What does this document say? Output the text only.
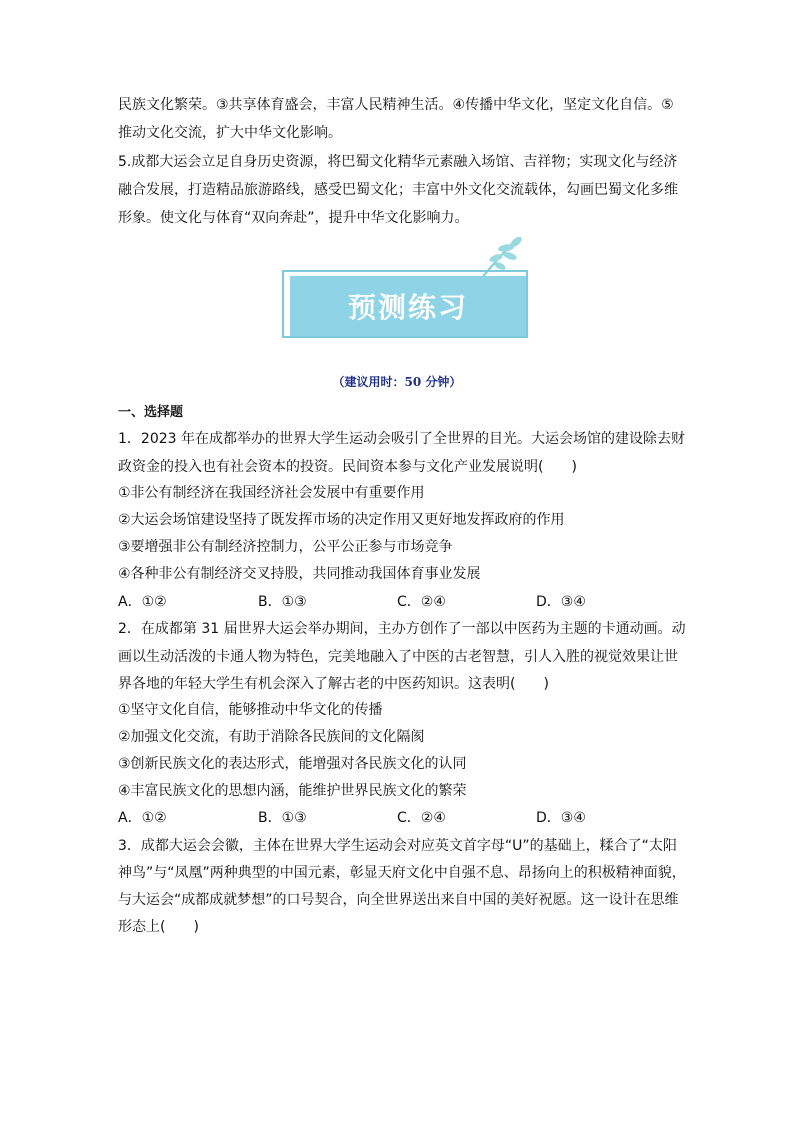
民族文化繁荣。③共享体育盛会，丰富人民精神生活。④传播中华文化，坚定文化自信。⑤
推动文化交流，扩大中华文化影响。
5.成都大运会立足自身历史资源，将巴蜀文化精华元素融入场馆、吉祥物；实现文化与经济
融合发展，打造精品旅游路线，感受巴蜀文化；丰富中外文化交流载体，勾画巴蜀文化多维
形象。使文化与体育“双向奔赴”，提升中华文化影响力。
预测练习
（建议用时：50 分钟）
一、选择题
1．2023 年在成都举办的世界大学生运动会吸引了全世界的目光。大运会场馆的建设除去财
政资金的投入也有社会资本的投资。民间资本参与文化产业发展说明(　　)
①非公有制经济在我国经济社会发展中有重要作用
②大运会场馆建设坚持了既发挥市场的决定作用又更好地发挥政府的作用
③要增强非公有制经济控制力，公平公正参与市场竞争
④各种非公有制经济交叉持股，共同推动我国体育事业发展
A．①②	B．①③	C．②④	D．③④
2．在成都第 31 届世界大运会举办期间，主办方创作了一部以中医药为主题的卡通动画。动
画以生动活泼的卡通人物为特色，完美地融入了中医的古老智慧，引人入胜的视觉效果让世
界各地的年轻大学生有机会深入了解古老的中医药知识。这表明(　　)
①坚守文化自信，能够推动中华文化的传播
②加强文化交流，有助于消除各民族间的文化隔阂
③创新民族文化的表达形式，能增强对各民族文化的认同
④丰富民族文化的思想内涵，能维护世界民族文化的繁荣
A．①②	B．①③	C．②④	D．③④
3．成都大运会会徽，主体在世界大学生运动会对应英文首字母“U”的基础上，糅合了“太阳
神鸟”与“凤凰”两种典型的中国元素，彰显天府文化中自强不息、昂扬向上的积极精神面貌，
与大运会“成都成就梦想”的口号契合，向全世界送出来自中国的美好祝愿。这一设计在思维
形态上(　　)
